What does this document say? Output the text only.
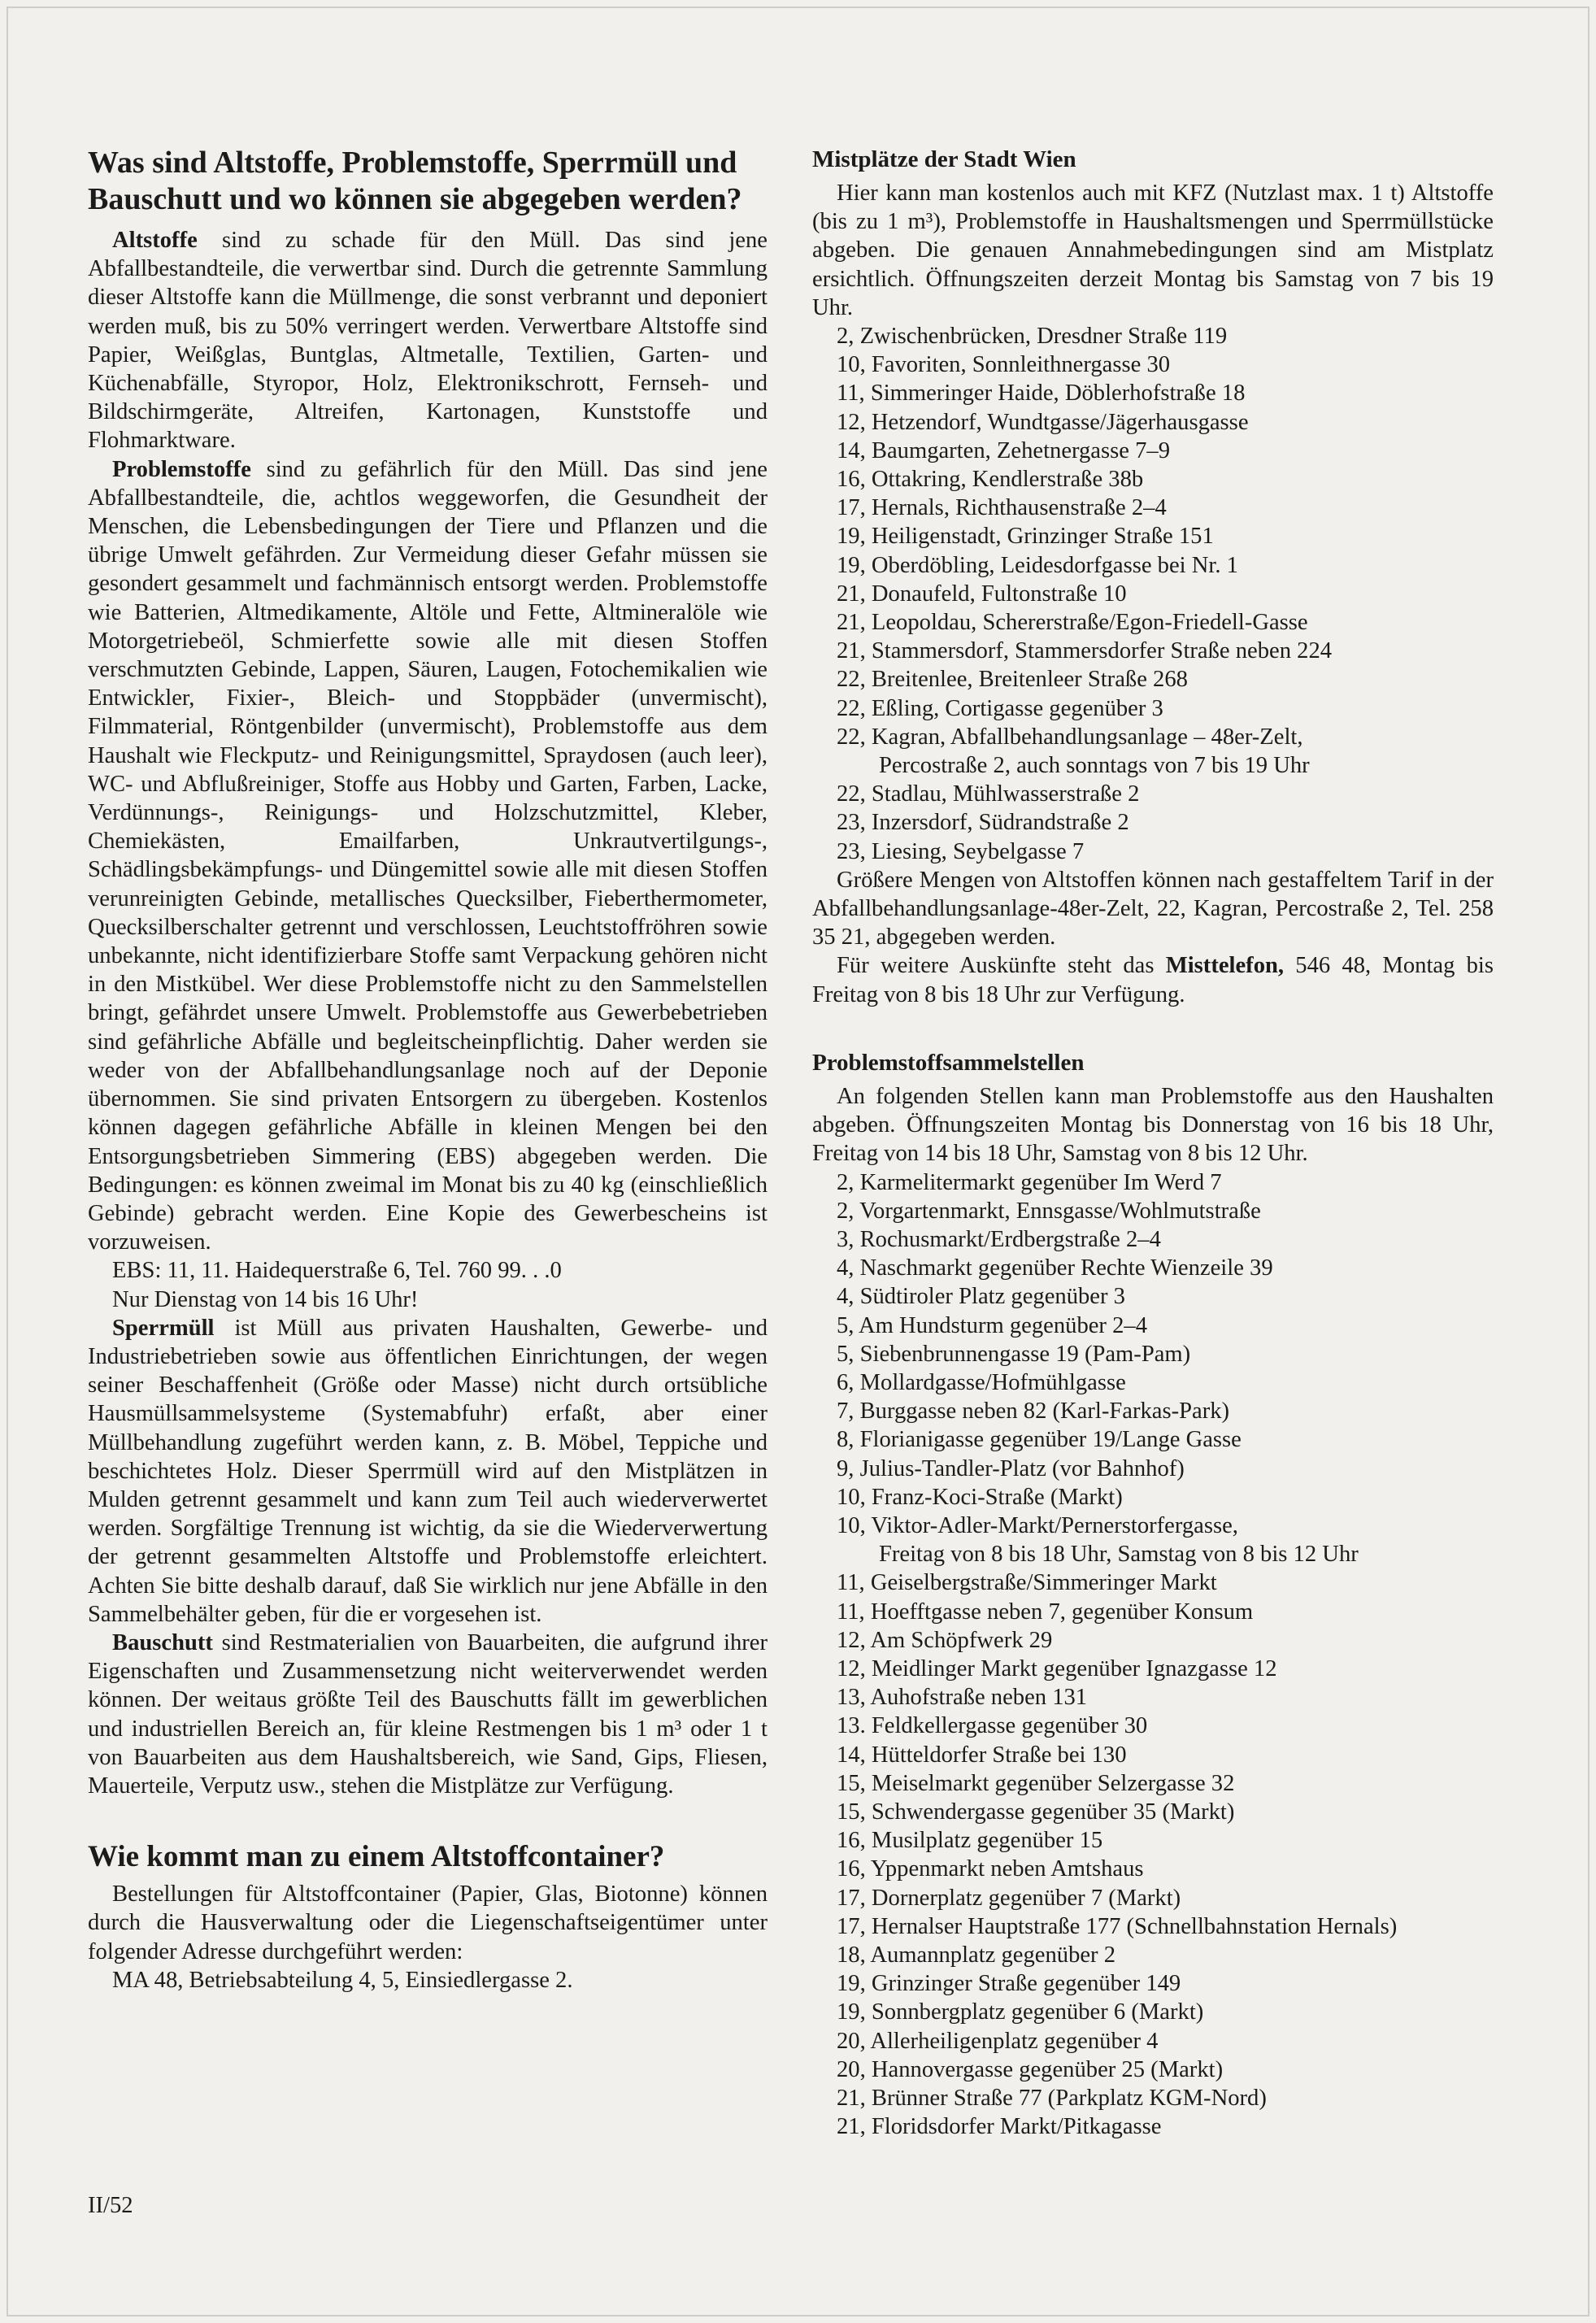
Was sind Altstoffe, Problemstoffe, Sperrmüll und Bauschutt und wo können sie abgegeben werden?

Altstoffe sind zu schade für den Müll. Das sind jene Abfallbestandteile, die verwertbar sind. Durch die getrennte Sammlung dieser Altstoffe kann die Müllmenge, die sonst verbrannt und deponiert werden muß, bis zu 50% verringert werden. Verwertbare Altstoffe sind Papier, Weißglas, Buntglas, Altmetalle, Textilien, Garten- und Küchenabfälle, Styropor, Holz, Elektronikschrott, Fernseh- und Bildschirmgeräte, Altreifen, Kartonagen, Kunststoffe und Flohmarktware.

Problemstoffe sind zu gefährlich für den Müll. Das sind jene Abfallbestandteile, die, achtlos weggeworfen, die Gesundheit der Menschen, die Lebensbedingungen der Tiere und Pflanzen und die übrige Umwelt gefährden. Zur Vermeidung dieser Gefahr müssen sie gesondert gesammelt und fachmännisch entsorgt werden. Problemstoffe wie Batterien, Altmedikamente, Altöle und Fette, Altmineralöle wie Motorgetriebeöl, Schmierfette sowie alle mit diesen Stoffen verschmutzten Gebinde, Lappen, Säuren, Laugen, Fotochemikalien wie Entwickler, Fixier-, Bleich- und Stoppbäder (unvermischt), Filmmaterial, Röntgenbilder (unvermischt), Problemstoffe aus dem Haushalt wie Fleckputz- und Reinigungsmittel, Spraydosen (auch leer), WC- und Abflußreiniger, Stoffe aus Hobby und Garten, Farben, Lacke, Verdünnungs-, Reinigungs- und Holzschutzmittel, Kleber, Chemiekästen, Emailfarben, Unkrautvertilgungs-, Schädlingsbekämpfungs- und Düngemittel sowie alle mit diesen Stoffen verunreinigten Gebinde, metallisches Quecksilber, Fieberthermometer, Quecksilberschalter getrennt und verschlossen, Leuchtstoffröhren sowie unbekannte, nicht identifizierbare Stoffe samt Verpackung gehören nicht in den Mistkübel. Wer diese Problemstoffe nicht zu den Sammelstellen bringt, gefährdet unsere Umwelt. Problemstoffe aus Gewerbebetrieben sind gefährliche Abfälle und begleitscheinpflichtig. Daher werden sie weder von der Abfallbehandlungsanlage noch auf der Deponie übernommen. Sie sind privaten Entsorgern zu übergeben. Kostenlos können dagegen gefährliche Abfälle in kleinen Mengen bei den Entsorgungsbetrieben Simmering (EBS) abgegeben werden. Die Bedingungen: es können zweimal im Monat bis zu 40 kg (einschließlich Gebinde) gebracht werden. Eine Kopie des Gewerbescheins ist vorzuweisen.

EBS: 11, 11. Haidequerstraße 6, Tel. 760 99. . .0

Nur Dienstag von 14 bis 16 Uhr!

Sperrmüll ist Müll aus privaten Haushalten, Gewerbe- und Industriebetrieben sowie aus öffentlichen Einrichtungen, der wegen seiner Beschaffenheit (Größe oder Masse) nicht durch ortsübliche Hausmüllsammelsysteme (Systemabfuhr) erfaßt, aber einer Müllbehandlung zugeführt werden kann, z. B. Möbel, Teppiche und beschichtetes Holz. Dieser Sperrmüll wird auf den Mistplätzen in Mulden getrennt gesammelt und kann zum Teil auch wiederverwertet werden. Sorgfältige Trennung ist wichtig, da sie die Wiederverwertung der getrennt gesammelten Altstoffe und Problemstoffe erleichtert. Achten Sie bitte deshalb darauf, daß Sie wirklich nur jene Abfälle in den Sammelbehälter geben, für die er vorgesehen ist.

Bauschutt sind Restmaterialien von Bauarbeiten, die aufgrund ihrer Eigenschaften und Zusammensetzung nicht weiterverwendet werden können. Der weitaus größte Teil des Bauschutts fällt im gewerblichen und industriellen Bereich an, für kleine Restmengen bis 1 m³ oder 1 t von Bauarbeiten aus dem Haushaltsbereich, wie Sand, Gips, Fliesen, Mauerteile, Verputz usw., stehen die Mistplätze zur Verfügung.

Wie kommt man zu einem Altstoffcontainer?

Bestellungen für Altstoffcontainer (Papier, Glas, Biotonne) können durch die Hausverwaltung oder die Liegenschaftseigentümer unter folgender Adresse durchgeführt werden:

MA 48, Betriebsabteilung 4, 5, Einsiedlergasse 2.

Mistplätze der Stadt Wien

Hier kann man kostenlos auch mit KFZ (Nutzlast max. 1 t) Altstoffe (bis zu 1 m³), Problemstoffe in Haushaltsmengen und Sperrmüllstücke abgeben. Die genauen Annahmebedingungen sind am Mistplatz ersichtlich. Öffnungszeiten derzeit Montag bis Samstag von 7 bis 19 Uhr.

2, Zwischenbrücken, Dresdner Straße 119
10, Favoriten, Sonnleithnergasse 30
11, Simmeringer Haide, Döblerhofstraße 18
12, Hetzendorf, Wundtgasse/Jägerhausgasse
14, Baumgarten, Zehetnergasse 7–9
16, Ottakring, Kendlerstraße 38b
17, Hernals, Richthausenstraße 2–4
19, Heiligenstadt, Grinzinger Straße 151
19, Oberdöbling, Leidesdorfgasse bei Nr. 1
21, Donaufeld, Fultonstraße 10
21, Leopoldau, Schererstraße/Egon-Friedell-Gasse
21, Stammersdorf, Stammersdorfer Straße neben 224
22, Breitenlee, Breitenleer Straße 268
22, Eßling, Cortigasse gegenüber 3
22, Kagran, Abfallbehandlungsanlage – 48er-Zelt,
Percostraße 2, auch sonntags von 7 bis 19 Uhr
22, Stadlau, Mühlwasserstraße 2
23, Inzersdorf, Südrandstraße 2
23, Liesing, Seybelgasse 7

Größere Mengen von Altstoffen können nach gestaffeltem Tarif in der Abfallbehandlungsanlage-48er-Zelt, 22, Kagran, Percostraße 2, Tel. 258 35 21, abgegeben werden.

Für weitere Auskünfte steht das Misttelefon, 546 48, Montag bis Freitag von 8 bis 18 Uhr zur Verfügung.

Problemstoffsammelstellen

An folgenden Stellen kann man Problemstoffe aus den Haushalten abgeben. Öffnungszeiten Montag bis Donnerstag von 16 bis 18 Uhr, Freitag von 14 bis 18 Uhr, Samstag von 8 bis 12 Uhr.

2, Karmelitermarkt gegenüber Im Werd 7
2, Vorgartenmarkt, Ennsgasse/Wohlmutstraße
3, Rochusmarkt/Erdbergstraße 2–4
4, Naschmarkt gegenüber Rechte Wienzeile 39
4, Südtiroler Platz gegenüber 3
5, Am Hundsturm gegenüber 2–4
5, Siebenbrunnengasse 19 (Pam-Pam)
6, Mollardgasse/Hofmühlgasse
7, Burggasse neben 82 (Karl-Farkas-Park)
8, Florianigasse gegenüber 19/Lange Gasse
9, Julius-Tandler-Platz (vor Bahnhof)
10, Franz-Koci-Straße (Markt)
10, Viktor-Adler-Markt/Pernerstorfergasse,
Freitag von 8 bis 18 Uhr, Samstag von 8 bis 12 Uhr
11, Geiselbergstraße/Simmeringer Markt
11, Hoefftgasse neben 7, gegenüber Konsum
12, Am Schöpfwerk 29
12, Meidlinger Markt gegenüber Ignazgasse 12
13, Auhofstraße neben 131
13. Feldkellergasse gegenüber 30
14, Hütteldorfer Straße bei 130
15, Meiselmarkt gegenüber Selzergasse 32
15, Schwendergasse gegenüber 35 (Markt)
16, Musilplatz gegenüber 15
16, Yppenmarkt neben Amtshaus
17, Dornerplatz gegenüber 7 (Markt)
17, Hernalser Hauptstraße 177 (Schnellbahnstation Hernals)
18, Aumannplatz gegenüber 2
19, Grinzinger Straße gegenüber 149
19, Sonnbergplatz gegenüber 6 (Markt)
20, Allerheiligenplatz gegenüber 4
20, Hannovergasse gegenüber 25 (Markt)
21, Brünner Straße 77 (Parkplatz KGM-Nord)
21, Floridsdorfer Markt/Pitkagasse
II/52
